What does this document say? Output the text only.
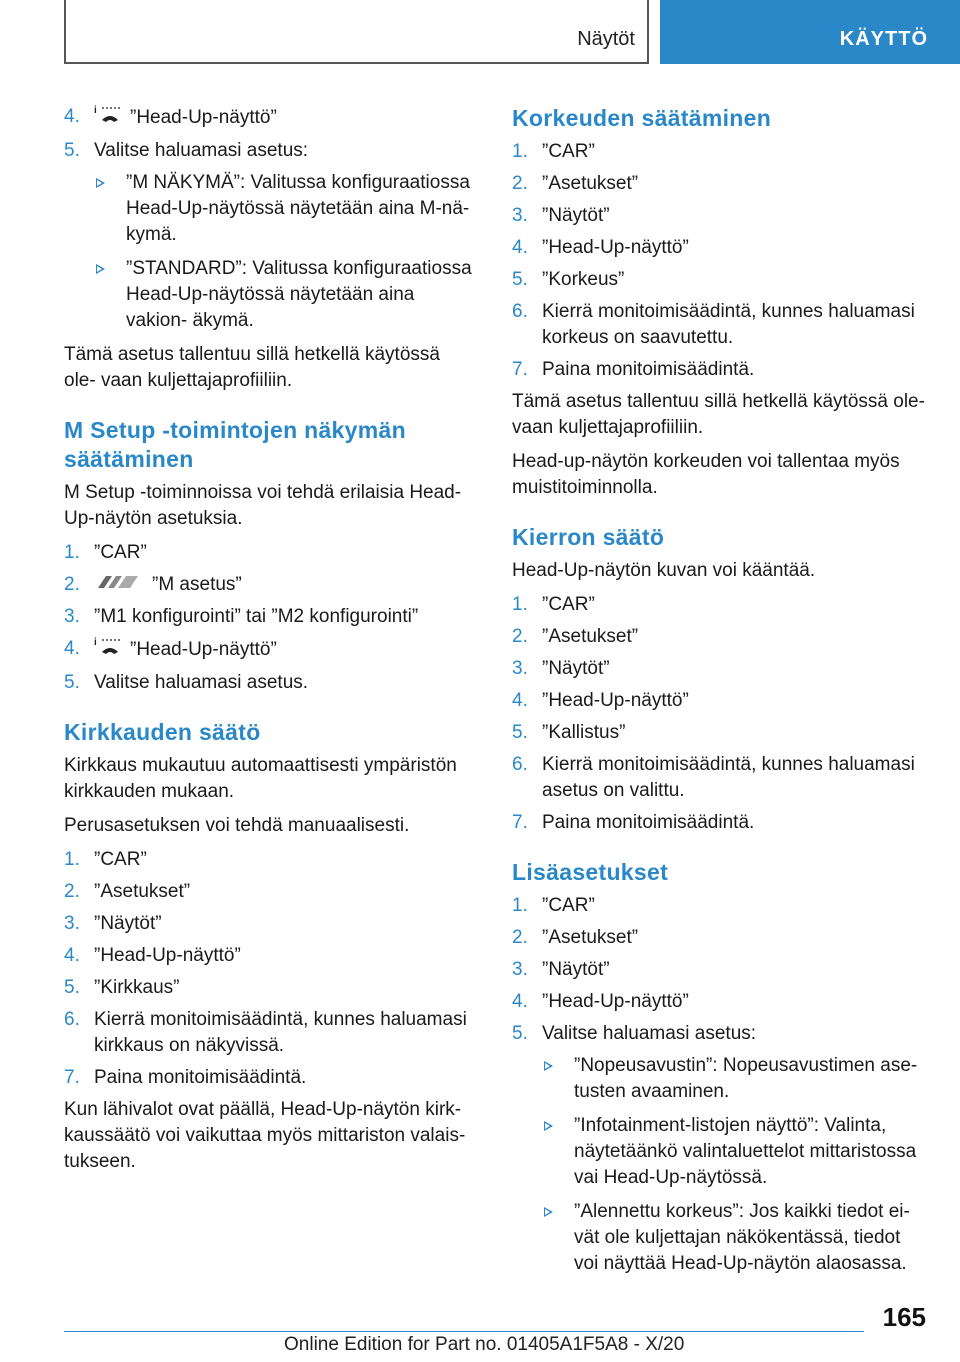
Näytöt	KÄYTTÖ
4. i ”Head-Up-näyttö”
5. Valitse haluamasi asetus:
”M NÄKYMÄ”: Valitussa konfiguraatiossa Head-Up-näytössä näytetään aina M-nä‐ kymä.
”STANDARD”: Valitussa konfiguraatiossa Head-Up-näytössä näytetään aina vakion‐ äkymä.

Tämä asetus tallentuu sillä hetkellä käytössä ole‐ vaan kuljettajaprofiiliin.

M Setup -toimintojen näkymän säätäminen

M Setup -toiminnoissa voi tehdä erilaisia Head- Up-näytön asetuksia.

1. ”CAR”
2.	”M asetus”
3. ”M1 konfigurointi” tai ”M2 konfigurointi”
4. i ”Head-Up-näyttö”
5. Valitse haluamasi asetus.
Kirkkauden säätö

Kirkkaus mukautuu automaattisesti ympäristön kirkkauden mukaan.

Perusasetuksen voi tehdä manuaalisesti.

1. ”CAR”
2. ”Asetukset”
3. ”Näytöt”
4. ”Head-Up-näyttö”
5. ”Kirkkaus”
6. Kierrä monitoimisäädintä, kunnes haluamasi kirkkaus on näkyvissä.
7. Paina monitoimisäädintä.

Kun lähivalot ovat päällä, Head-Up-näytön kirk‐ kaussäätö voi vaikuttaa myös mittariston valais‐ tukseen.

Korkeuden säätäminen
1. ”CAR”
2. ”Asetukset”
3. ”Näytöt”
4. ”Head-Up-näyttö”
5. ”Korkeus”
6. Kierrä monitoimisäädintä, kunnes haluamasi korkeus on saavutettu.
7. Paina monitoimisäädintä.

Tämä asetus tallentuu sillä hetkellä käytössä ole‐ vaan kuljettajaprofiiliin.

Head-up-näytön korkeuden voi tallentaa myös muistitoiminnolla.

Kierron säätö

Head-Up-näytön kuvan voi kääntää.

1. ”CAR”
2. ”Asetukset”
3. ”Näytöt”
4. ”Head-Up-näyttö”
5. ”Kallistus”
6. Kierrä monitoimisäädintä, kunnes haluamasi asetus on valittu.
7. Paina monitoimisäädintä.
Lisäasetukset
1. ”CAR”
2. ”Asetukset”
3. ”Näytöt”
4. ”Head-Up-näyttö”
5. Valitse haluamasi asetus:
”Nopeusavustin”: Nopeusavustimen ase‐ tusten avaaminen.
”Infotainment-listojen näyttö”: Valinta, näytetäänkö valintaluettelot mittaristossa vai Head-Up-näytössä.
”Alennettu korkeus”: Jos kaikki tiedot ei‐ vät ole kuljettajan näkökentässä, tiedot voi näyttää Head-Up-näytön alaosassa.
165
Online Edition for Part no. 01405A1F5A8 - X/20
